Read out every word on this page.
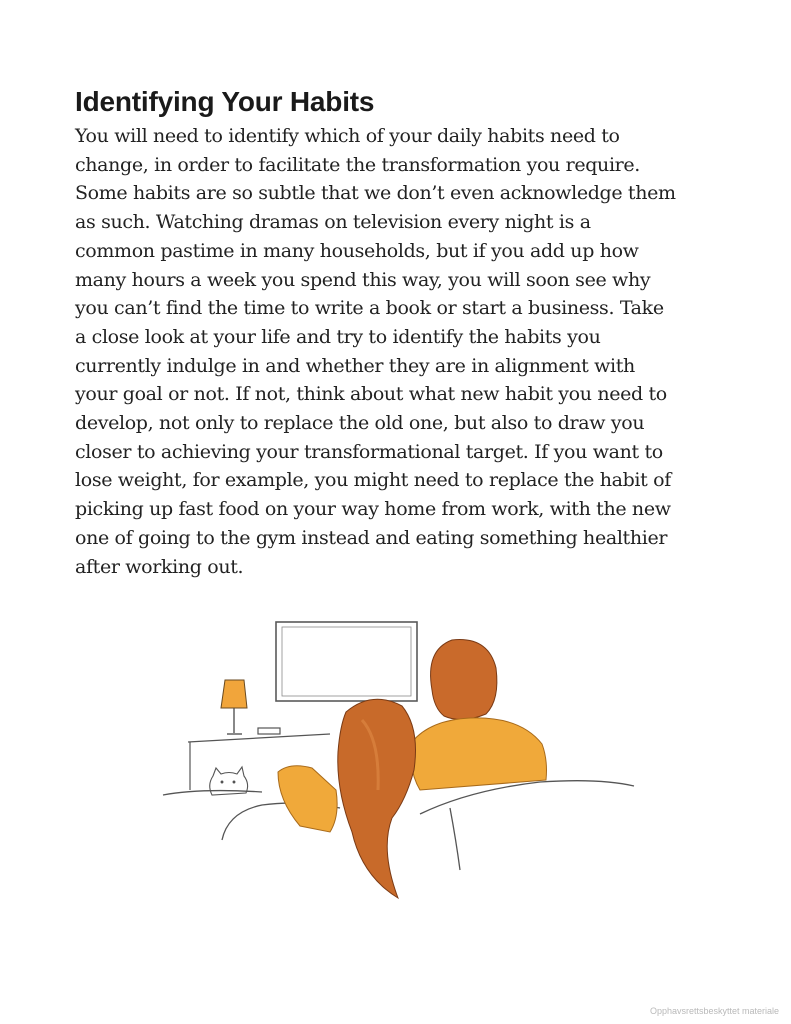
Identifying Your Habits
You will need to identify which of your daily habits need to
change, in order to facilitate the transformation you require.
Some habits are so subtle that we don’t even acknowledge them
as such. Watching dramas on television every night is a
common pastime in many households, but if you add up how
many hours a week you spend this way, you will soon see why
you can’t find the time to write a book or start a business. Take
a close look at your life and try to identify the habits you
currently indulge in and whether they are in alignment with
your goal or not. If not, think about what new habit you need to
develop, not only to replace the old one, but also to draw you
closer to achieving your transformational target. If you want to
lose weight, for example, you might need to replace the habit of
picking up fast food on your way home from work, with the new
one of going to the gym instead and eating something healthier
after working out.
Opphavsrettsbeskyttet materiale
